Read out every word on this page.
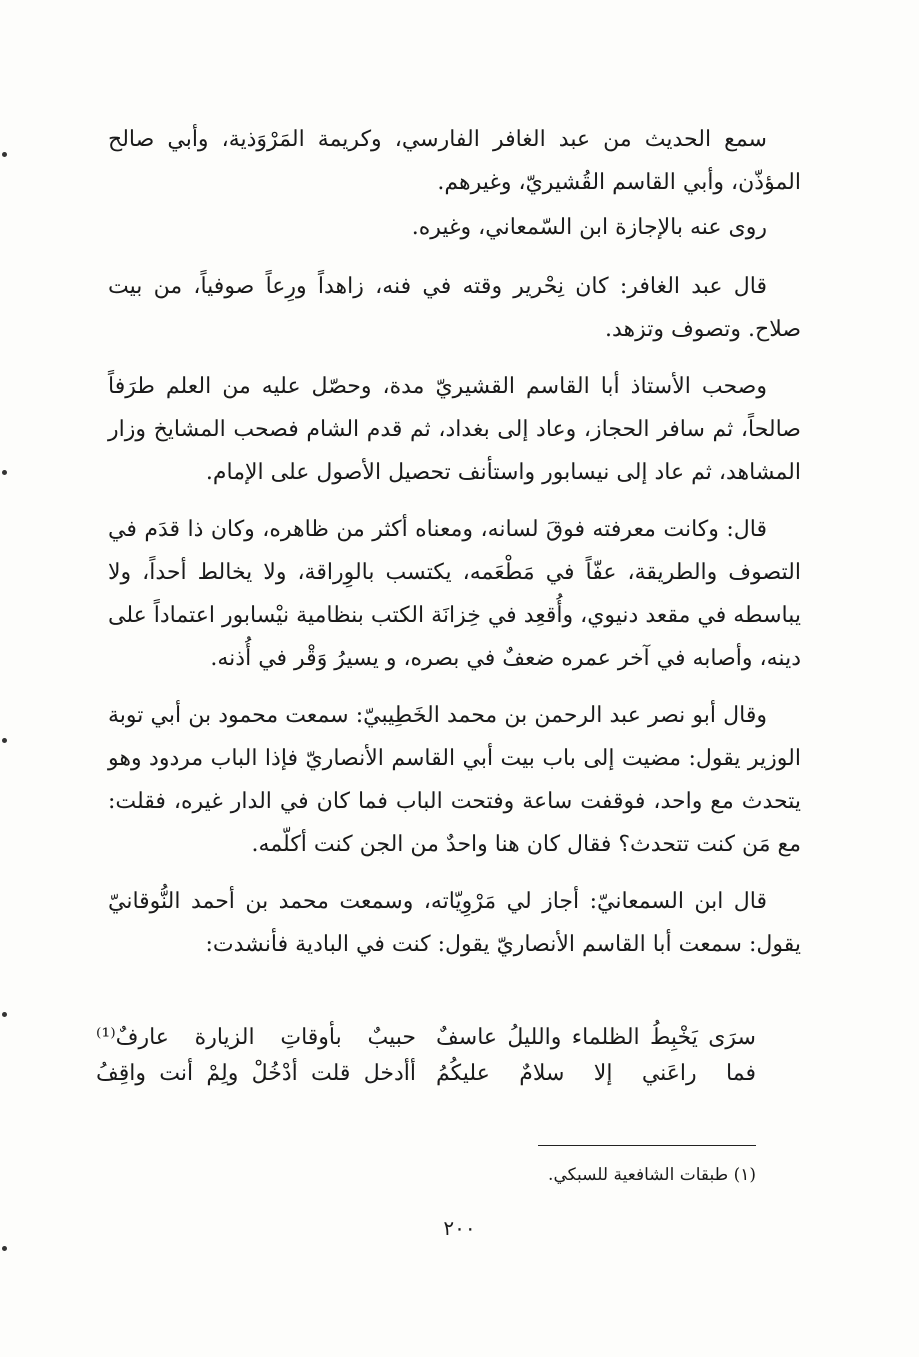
سمع الحديث من عبد الغافر الفارسي، وكريمة المَرْوَذية، وأبي صالح المؤذّن، وأبي القاسم القُشيريّ، وغيرهم.

روى عنه بالإجازة ابن السّمعاني، وغيره.

قال عبد الغافر: كان نِحْرير وقته في فنه، زاهداً ورِعاً صوفياً، من بيت صلاح. وتصوف وتزهد.

وصحب الأستاذ أبا القاسم القشيريّ مدة، وحصّل عليه من العلم طرَفاً صالحاً، ثم سافر الحجاز، وعاد إلى بغداد، ثم قدم الشام فصحب المشايخ وزار المشاهد، ثم عاد إلى نيسابور واستأنف تحصيل الأصول على الإمام.

قال: وكانت معرفته فوقَ لسانه، ومعناه أكثر من ظاهره، وكان ذا قدَم في التصوف والطريقة، عفّاً في مَطْعَمه، يكتسب بالوِراقة، ولا يخالط أحداً، ولا يباسطه في مقعد دنيوي، وأُقعِد في خِزانَة الكتب بنظامية نيْسابور اعتماداً على دينه، وأصابه في آخر عمره ضعفٌ في بصره، و يسيرُ وَقْر في أُذنه.

وقال أبو نصر عبد الرحمن بن محمد الخَطِيبيّ: سمعت محمود بن أبي توبة الوزير يقول: مضيت إلى باب بيت أبي القاسم الأنصاريّ فإذا الباب مردود وهو يتحدث مع واحد، فوقفت ساعة وفتحت الباب فما كان في الدار غيره، فقلت: مع مَن كنت تتحدث؟ فقال كان هنا واحدٌ من الجن كنت أكلّمه.

قال ابن السمعانيّ: أجاز لي مَرْوِيّاته، وسمعت محمد بن أحمد النُّوقانيّ يقول: سمعت أبا القاسم الأنصاريّ يقول: كنت في البادية فأنشدت:

سرَى يَخْبِطُ الظلماء والليلُ عاسفٌ
حبيبٌ بأوقاتِ الزيارة عارفٌ⁽¹⁾
فما راعَني إلا سلامٌ عليكُمُ
أأدخل قلت أدْخُلْ ولِمْ أنت واقِفُ
(١) طبقات الشافعية للسبكي.
٢٠٠
